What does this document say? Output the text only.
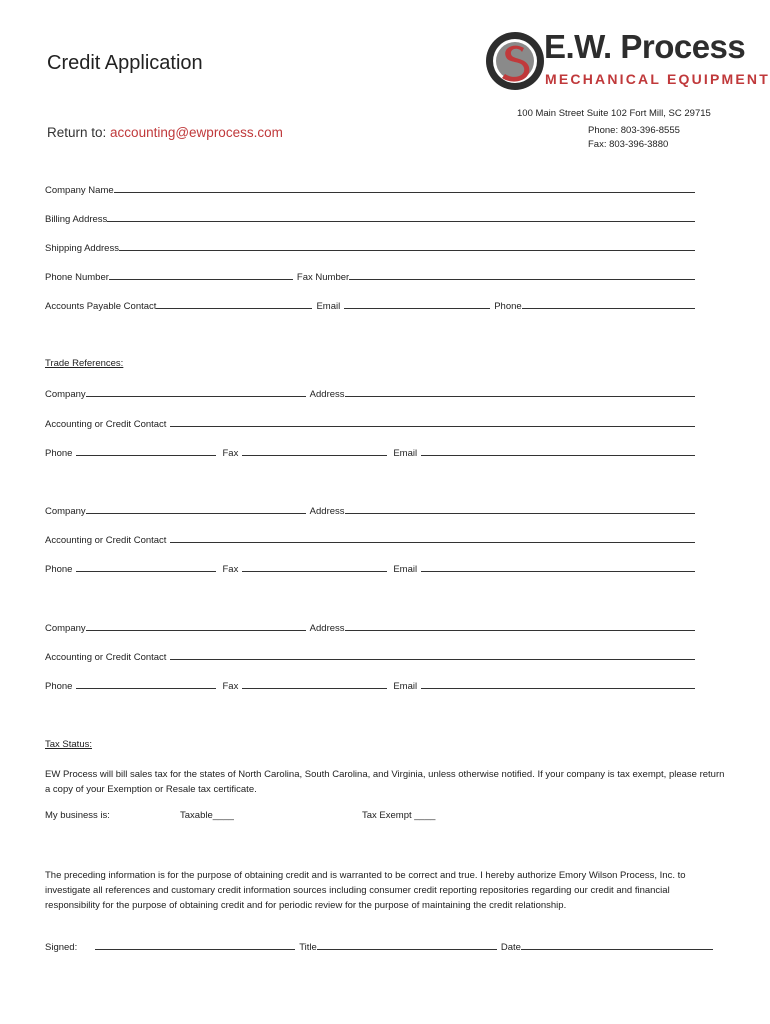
Credit Application
Return to: accounting@ewprocess.com
E.W. Process
MECHANICAL EQUIPMENT
100 Main Street Suite 102 Fort Mill, SC 29715
Phone: 803-396-8555
Fax: 803-396-3880
Company Name
Billing Address
Shipping Address
Phone Number	Fax Number
Accounts Payable Contact	Email	Phone
Trade References:
Company	Address
Accounting or Credit Contact
Phone	Fax	Email
Company	Address
Accounting or Credit Contact
Phone	Fax	Email
Company	Address
Accounting or Credit Contact
Phone	Fax	Email
Tax Status:
EW Process will bill sales tax for the states of North Carolina, South Carolina, and Virginia, unless otherwise notified. If your company is tax exempt, please return a copy of your Exemption or Resale tax certificate.
My business is:	Taxable____	Tax Exempt ____
The preceding information is for the purpose of obtaining credit and is warranted to be correct and true. I hereby authorize Emory Wilson Process, Inc. to investigate all references and customary credit information sources including consumer credit reporting repositories regarding our credit and financial responsibility for the purpose of obtaining credit and for periodic review for the purpose of maintaining the credit relationship.
Signed:	Title	Date
